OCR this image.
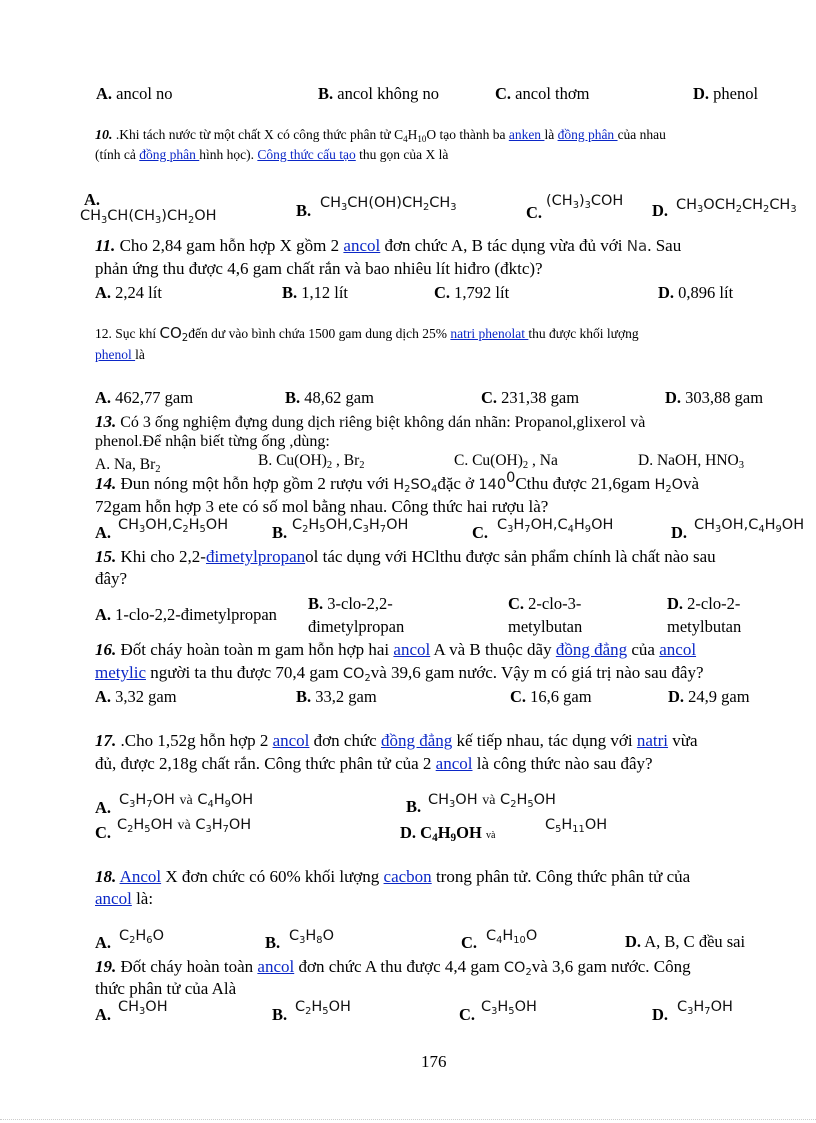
A. ancol no	B. ancol không no	C. ancol thơm	D. phenol
10. .Khi tách nước từ một chất X có công thức phân tử $C_4H_{10}O$ tạo thành ba anken là đồng phân của nhau
(tính cả đồng phân hình học). Công thức cấu tạo thu gọn của X là
A.
$CH_3CH(CH_3)CH_2OH$	B. $CH_3CH(OH)CH_2CH_3$	C.
$(CH_3)_3COH$ D. $CH_3OCH_2CH_2CH_3$
11. Cho 2,84 gam hỗn hợp X gồm 2 ancol đơn chức A, B tác dụng vừa đủ với Na. Sau
phản ứng thu được 4,6 gam chất rắn và bao nhiêu lít hiđro (đktc)?
A. 2,24 lít	B. 1,12 lít	C. 1,792 lít	D. 0,896 lít
12. Sục khí $CO_2đến$ dư vào bình chứa 1500 gam dung dịch 25% natri phenolat thu được khối lượng
phenol là
A. 462,77 gam	B. 48,62 gam	C. 231,38 gam	D. 303,88 gam
13. Có 3 ống nghiệm đựng dung dịch riêng biệt không dán nhãn: Propanol,glixerol và
phenol.Để nhận biết từng ống ,dùng:
A. Na, $Br_2$
B. $Cu(OH)_2$ , $Br_2$	C. $Cu(OH)_2$ , Na	D. NaOH, $HNO_3$
14. Đun nóng một hỗn hợp gồm 2 rượu với $H_2SO_4đặc$ ở $140^0Cthu$ được 21,6gam $H_2Ovà$
72gam hỗn hợp 3 ete có số mol bằng nhau. Công thức hai rượu là?
A. $CH_3OH,C_2H_5OH$	B. $C_2H_5OH,C_3H_7OH$	C. $C_3H_7OH,C_4H_9OH$	D. $CH_3OH,C_4H_9OH$
15. Khi cho 2,2-đimetylpropanol tác dụng với HClthu được sản phẩm chính là chất nào sau
đây?
A. 1-clo-2,2-đimetylpropan
B. 3-clo-2,2-
đimetylpropan
C. 2-clo-3-
metylbutan
D. 2-clo-2-
metylbutan
16. Đốt cháy hoàn toàn m gam hỗn hợp hai ancol A và B thuộc dãy đồng đẳng của ancol
metylic người ta thu được 70,4 gam $CO_2và$ 39,6 gam nước. Vậy m có giá trị nào sau đây?
A. 3,32 gam	B. 33,2 gam	C. 16,6 gam	D. 24,9 gam
17. .Cho 1,52g hỗn hợp 2 ancol đơn chức đồng đẳng kế tiếp nhau, tác dụng với natri vừa
đủ, được 2,18g chất rắn. Công thức phân tử của 2 ancol là công thức nào sau đây?
A. $C_3H_7OH$ và $C_4H_9OH$	B. $CH_3OH$ và $C_2H_5OH$
C. $C_2H_5OH$ và $C_3H_7OH$	D. $C_4H_9OH$ và
$C_5H_{11}OH$
18. Ancol X đơn chức có 60% khối lượng cacbon trong phân tử. Công thức phân tử của
ancol là:
A. $C_2H_6O$	B. $C_3H_8O$	C. $C_4H_{10}O$	D. A, B, C đều sai
19. Đốt cháy hoàn toàn ancol đơn chức A thu được 4,4 gam $CO_2và$ 3,6 gam nước. Công
thức phân tử của Alà
A. $CH_3OH$	B. $C_2H_5OH$	C. $C_3H_5OH$	D. $C_3H_7OH$
176
